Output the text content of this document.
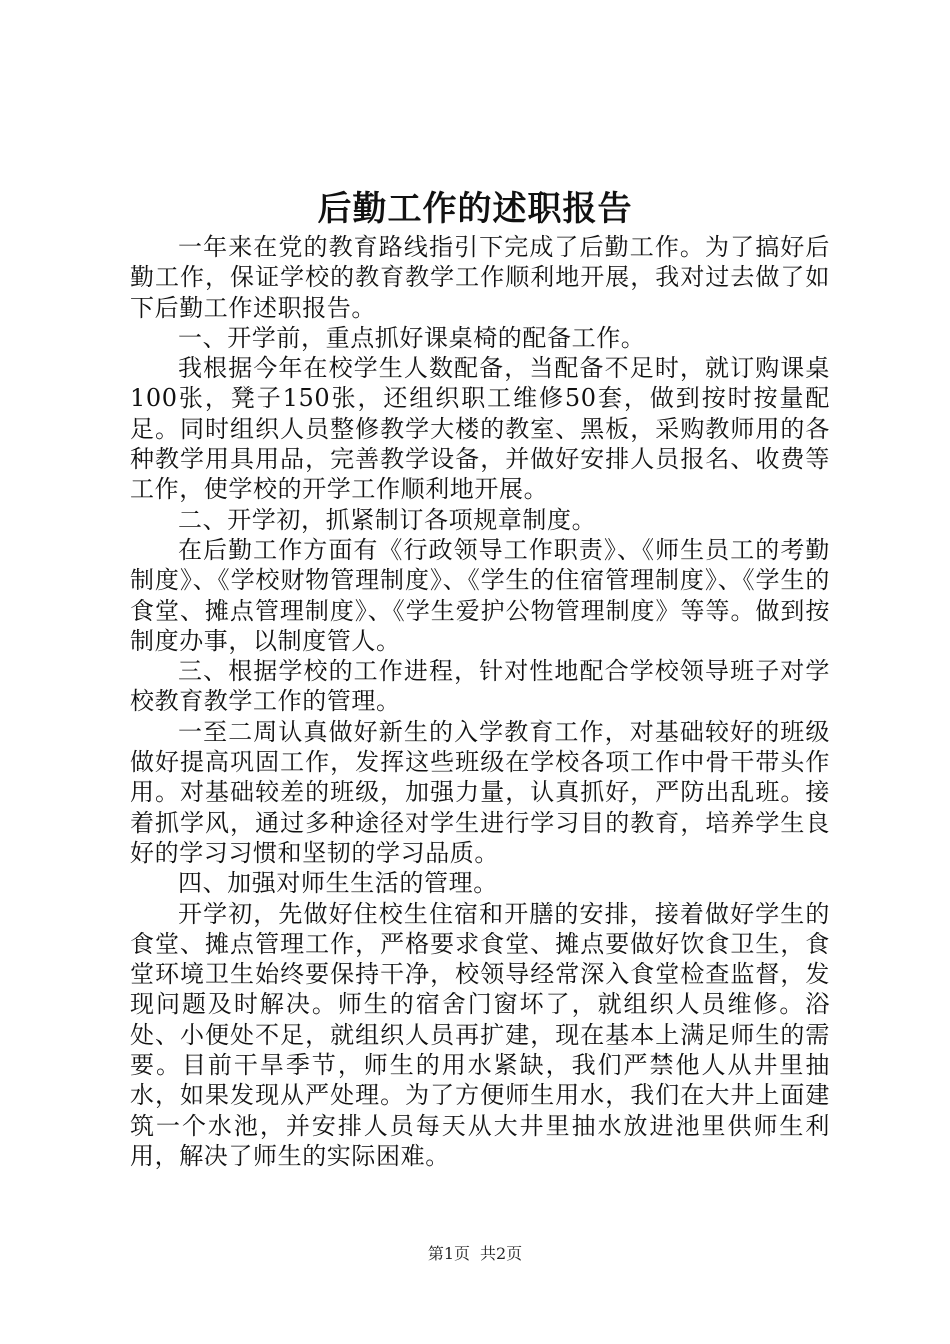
后勤工作的述职报告

一年来在党的教育路线指引下完成了后勤工作。为了搞好后勤工作，保证学校的教育教学工作顺利地开展，我对过去做了如下后勤工作述职报告。

一、开学前，重点抓好课桌椅的配备工作。

我根据今年在校学生人数配备，当配备不足时，就订购课桌100张，凳子150张，还组织职工维修50套，做到按时按量配足。同时组织人员整修教学大楼的教室、黑板，采购教师用的各种教学用具用品，完善教学设备，并做好安排人员报名、收费等工作，使学校的开学工作顺利地开展。

二、开学初，抓紧制订各项规章制度。

在后勤工作方面有《行政领导工作职责》、《师生员工的考勤制度》、《学校财物管理制度》、《学生的住宿管理制度》、《学生的食堂、摊点管理制度》、《学生爱护公物管理制度》等等。做到按制度办事，以制度管人。

三、根据学校的工作进程，针对性地配合学校领导班子对学校教育教学工作的管理。

一至二周认真做好新生的入学教育工作，对基础较好的班级做好提高巩固工作，发挥这些班级在学校各项工作中骨干带头作用。对基础较差的班级，加强力量，认真抓好，严防出乱班。接着抓学风，通过多种途径对学生进行学习目的教育，培养学生良好的学习习惯和坚韧的学习品质。

四、加强对师生生活的管理。

开学初，先做好住校生住宿和开膳的安排，接着做好学生的食堂、摊点管理工作，严格要求食堂、摊点要做好饮食卫生，食堂环境卫生始终要保持干净，校领导经常深入食堂检查监督，发现问题及时解决。师生的宿舍门窗坏了，就组织人员维修。浴处、小便处不足，就组织人员再扩建，现在基本上满足师生的需要。目前干旱季节，师生的用水紧缺，我们严禁他人从井里抽水，如果发现从严处理。为了方便师生用水，我们在大井上面建筑一个水池，并安排人员每天从大井里抽水放进池里供师生利用，解决了师生的实际困难。

第1页 共2页
